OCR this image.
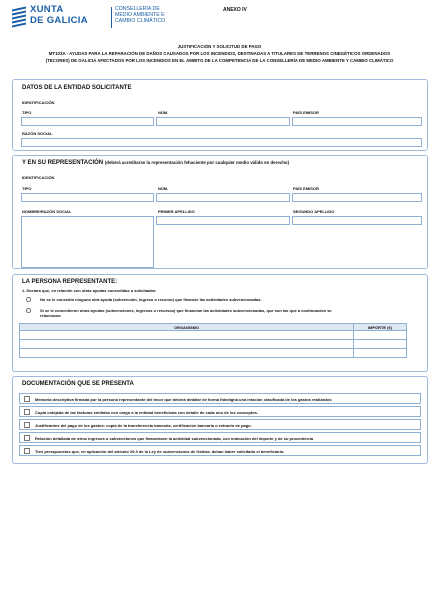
XUNTA
DE GALICIA
CONSELLERÍA DE
MEDIO AMBIENTE E
CAMBIO CLIMÁTICO
ANEXO IV
JUSTIFICACIÓN Y SOLICITUD DE PAGO
MT103A - AYUDAS PARA LA REPARACIÓN DE DAÑOS CAUSADOS POR LOS INCENDIOS, DESTINADAS A TITULARES DE TERRENOS CINEGÉTICOS ORDENADOS
(TECORES) DE GALICIA AFECTADOS POR LOS INCENDIOS EN EL ÁMBITO DE LA COMPETENCIA DE LA CONSELLERÍA DE MEDIO AMBIENTE Y CAMBIO CLIMÁTICO
DATOS DE LA ENTIDAD SOLICITANTE
IDENTIFICACIÓN
TIPO	NÚM.	PAÍS EMISOR
RAZÓN SOCIAL
Y EN SU REPRESENTACIÓN (deberá acreditarse la representación fehaciente por cualquier medio válido en derecho)
IDENTIFICACIÓN
TIPO	NÚM.	PAÍS EMISOR
NOMBRE/RAZÓN SOCIAL	PRIMER APELLIDO	SEGUNDO APELLIDO
LA PERSONA REPRESENTANTE:
1. Declara que, en relación con otras ayudas concedidas o solicitadas:
No se le concedió ninguna otra ayuda (subvención, ingreso o recurso) que financie las actividades subvencionadas.
Sí se le concedieron otras ayudas (subvenciones, ingresos o recursos) que financian las actividades subvencionadas, que son las que a continuación se
relacionan:
ORGANISMO	IMPORTE (€)

DOCUMENTACIÓN QUE SE PRESENTA
Memoria descriptiva firmada por la persona representante del tecor que deberá detallar de forma fidedigna una relación clasificada de los gastos realizados
Copia cotejada de las facturas emitidas con cargo a la entidad beneficiaria con detalle de cada uno de los conceptos.
Justificantes del pago de los gastos: copia de la transferencia bancaria, certificación bancaria o extracto de pago.
Relación detallada de otros ingresos o subvenciones que financiasen la actividad subvencionada, con indicación del importe y de su procedencia
Tres presupuestos que, en aplicación del artículo 29.3 de la Ley de subvenciones de Galicia, deban haber solicitado el beneficiario.
